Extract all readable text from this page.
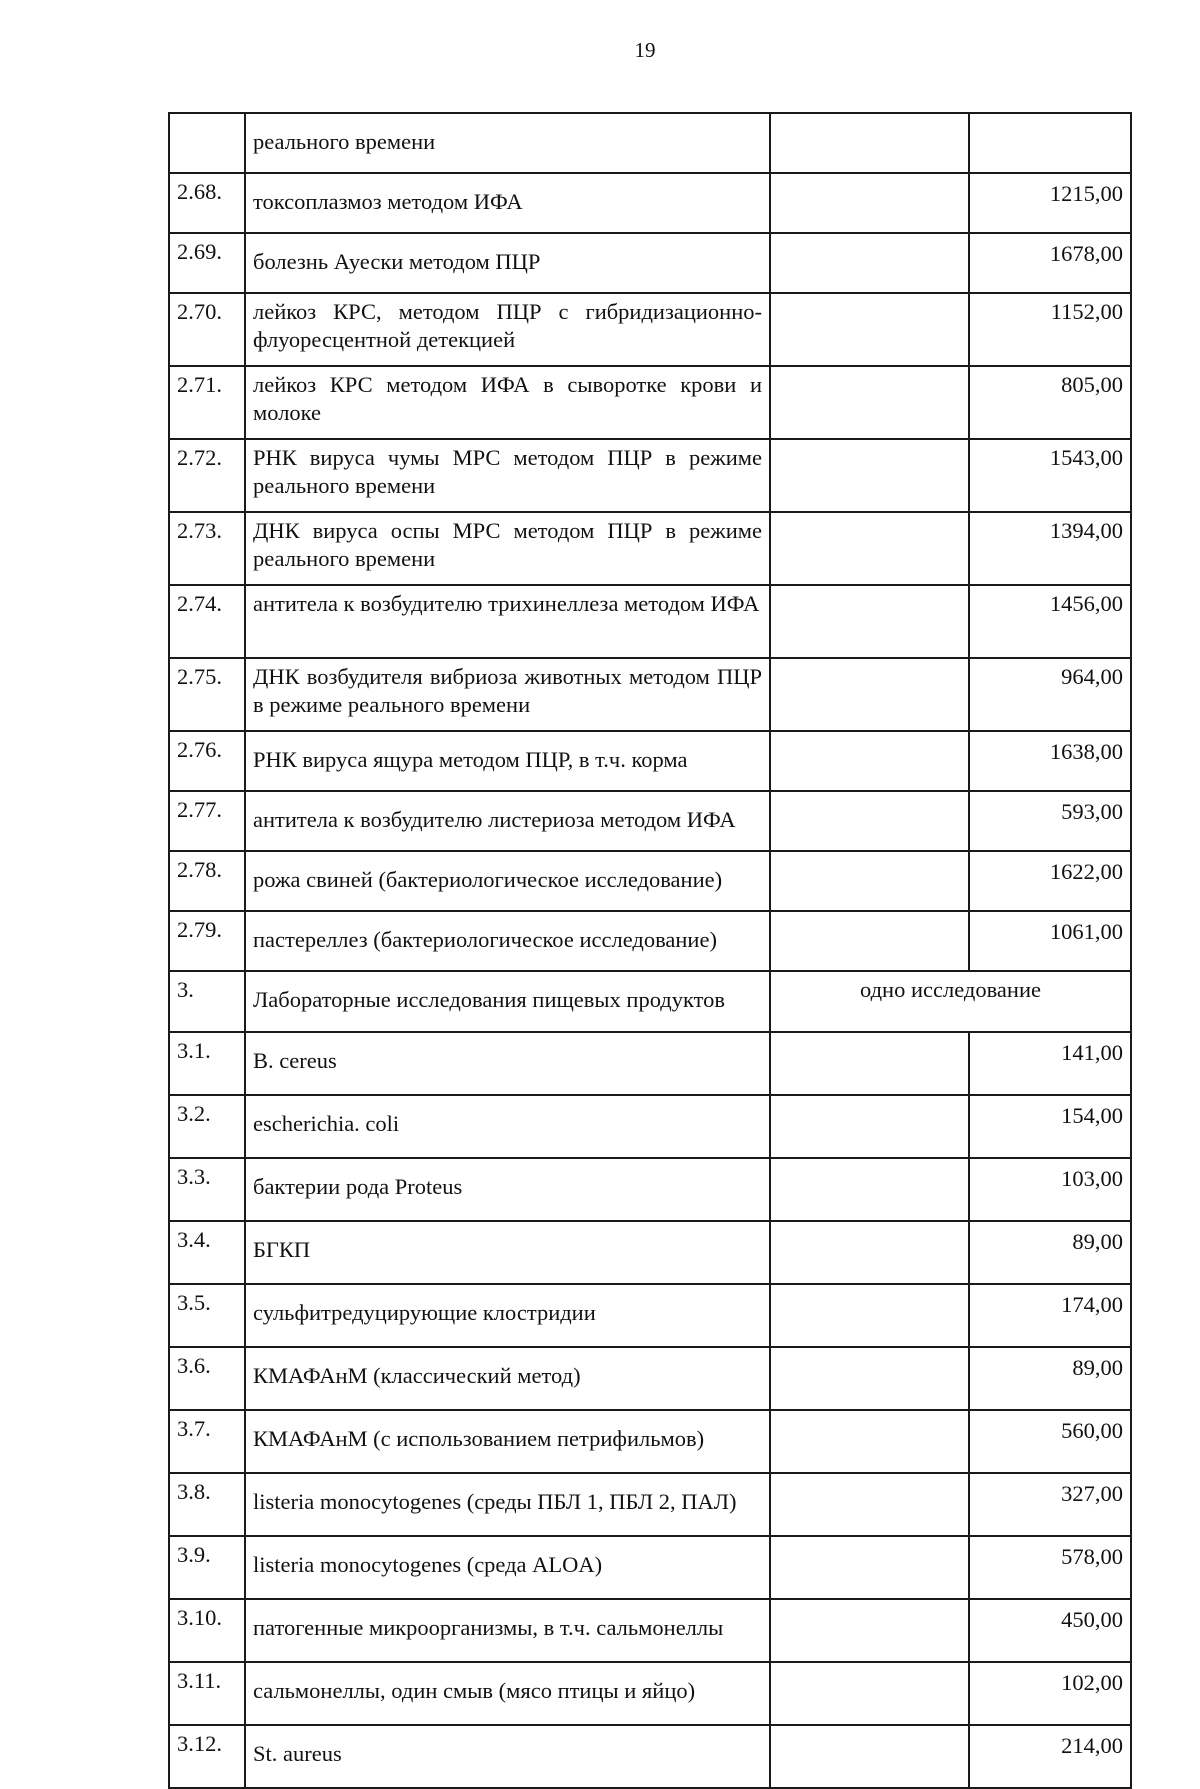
19
	реального времени		
2.68.	токсоплазмоз методом ИФА		1215,00
2.69.	болезнь Ауески методом ПЦР		1678,00
2.70.	лейкоз КРС, методом ПЦР с гибридизационно-флуоресцентной детекцией		1152,00
2.71.	лейкоз КРС методом ИФА в сыворотке крови и молоке		805,00
2.72.	РНК вируса чумы МРС методом ПЦР в режиме реального времени		1543,00
2.73.	ДНК вируса оспы МРС методом ПЦР в режиме реального времени		1394,00
2.74.	антитела к возбудителю трихинеллеза методом ИФА		1456,00
2.75.	ДНК возбудителя вибриоза животных методом ПЦР в режиме реального времени		964,00
2.76.	РНК вируса ящура методом ПЦР, в т.ч. корма		1638,00
2.77.	антитела к возбудителю листериоза методом ИФА		593,00
2.78.	рожа свиней (бактериологическое исследование)		1622,00
2.79.	пастереллез (бактериологическое исследование)		1061,00
3.	Лабораторные исследования пищевых продуктов	одно исследование	
3.1.	B. cereus		141,00
3.2.	escherichia. coli		154,00
3.3.	бактерии рода Proteus		103,00
3.4.	БГКП		89,00
3.5.	сульфитредуцирующие клостридии		174,00
3.6.	КМАФАнМ (классический метод)		89,00
3.7.	КМАФАнМ (с использованием петрифильмов)		560,00
3.8.	listeria monocytogenes (среды ПБЛ 1, ПБЛ 2, ПАЛ)		327,00
3.9.	listeria monocytogenes (среда ALOA)		578,00
3.10.	патогенные микроорганизмы, в т.ч. сальмонеллы		450,00
3.11.	сальмонеллы, один смыв (мясо птицы и яйцо)		102,00
3.12.	St. aureus		214,00
